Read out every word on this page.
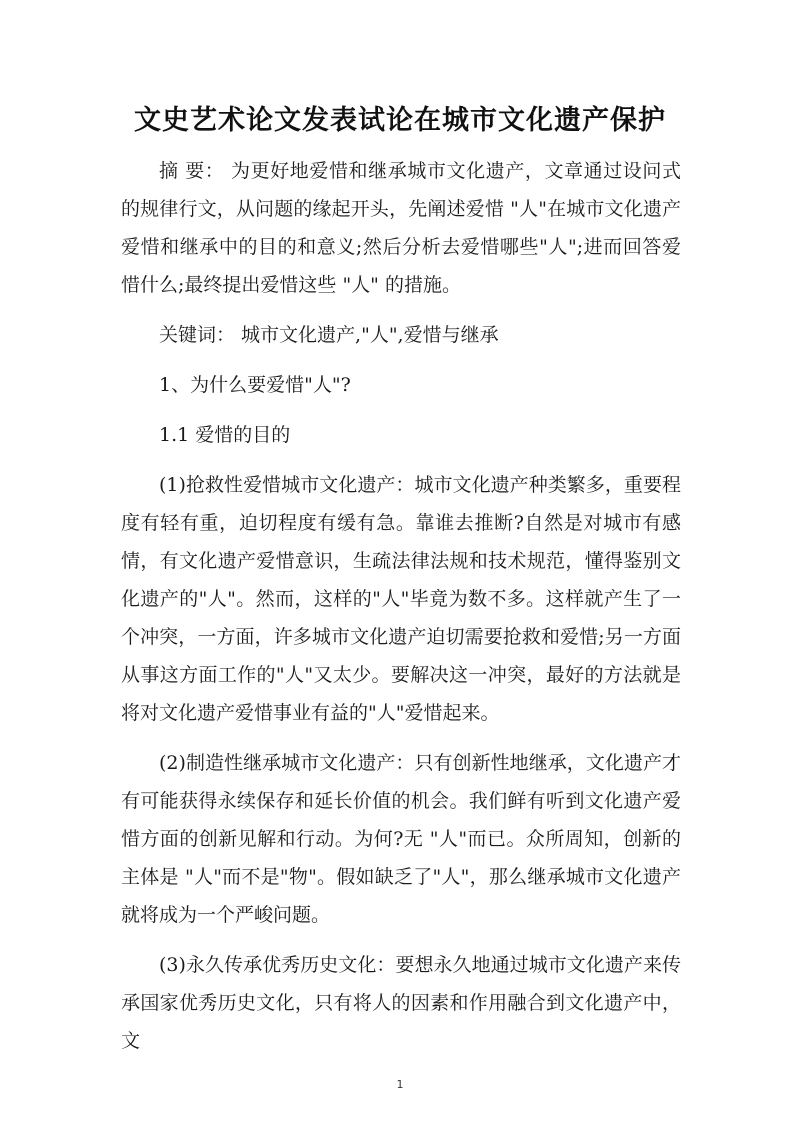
文史艺术论文发表试论在城市文化遗产保护

摘 要： 为更好地爱惜和继承城市文化遗产，文章通过设问式的规律行文，从问题的缘起开头，先阐述爱惜 "人"在城市文化遗产爱惜和继承中的目的和意义;然后分析去爱惜哪些"人";进而回答爱惜什么;最终提出爱惜这些 "人" 的措施。

关键词： 城市文化遗产,"人",爱惜与继承

1、为什么要爱惜"人"?

1.1 爱惜的目的

(1)抢救性爱惜城市文化遗产：城市文化遗产种类繁多，重要程度有轻有重，迫切程度有缓有急。靠谁去推断?自然是对城市有感情，有文化遗产爱惜意识，生疏法律法规和技术规范，懂得鉴别文化遗产的"人"。然而，这样的"人"毕竟为数不多。这样就产生了一个冲突，一方面，许多城市文化遗产迫切需要抢救和爱惜;另一方面从事这方面工作的"人"又太少。要解决这一冲突，最好的方法就是将对文化遗产爱惜事业有益的"人"爱惜起来。

(2)制造性继承城市文化遗产：只有创新性地继承，文化遗产才有可能获得永续保存和延长价值的机会。我们鲜有听到文化遗产爱惜方面的创新见解和行动。为何?无 "人"而已。众所周知，创新的主体是 "人"而不是"物"。假如缺乏了"人"，那么继承城市文化遗产就将成为一个严峻问题。

(3)永久传承优秀历史文化：要想永久地通过城市文化遗产来传承国家优秀历史文化，只有将人的因素和作用融合到文化遗产中，文

1
